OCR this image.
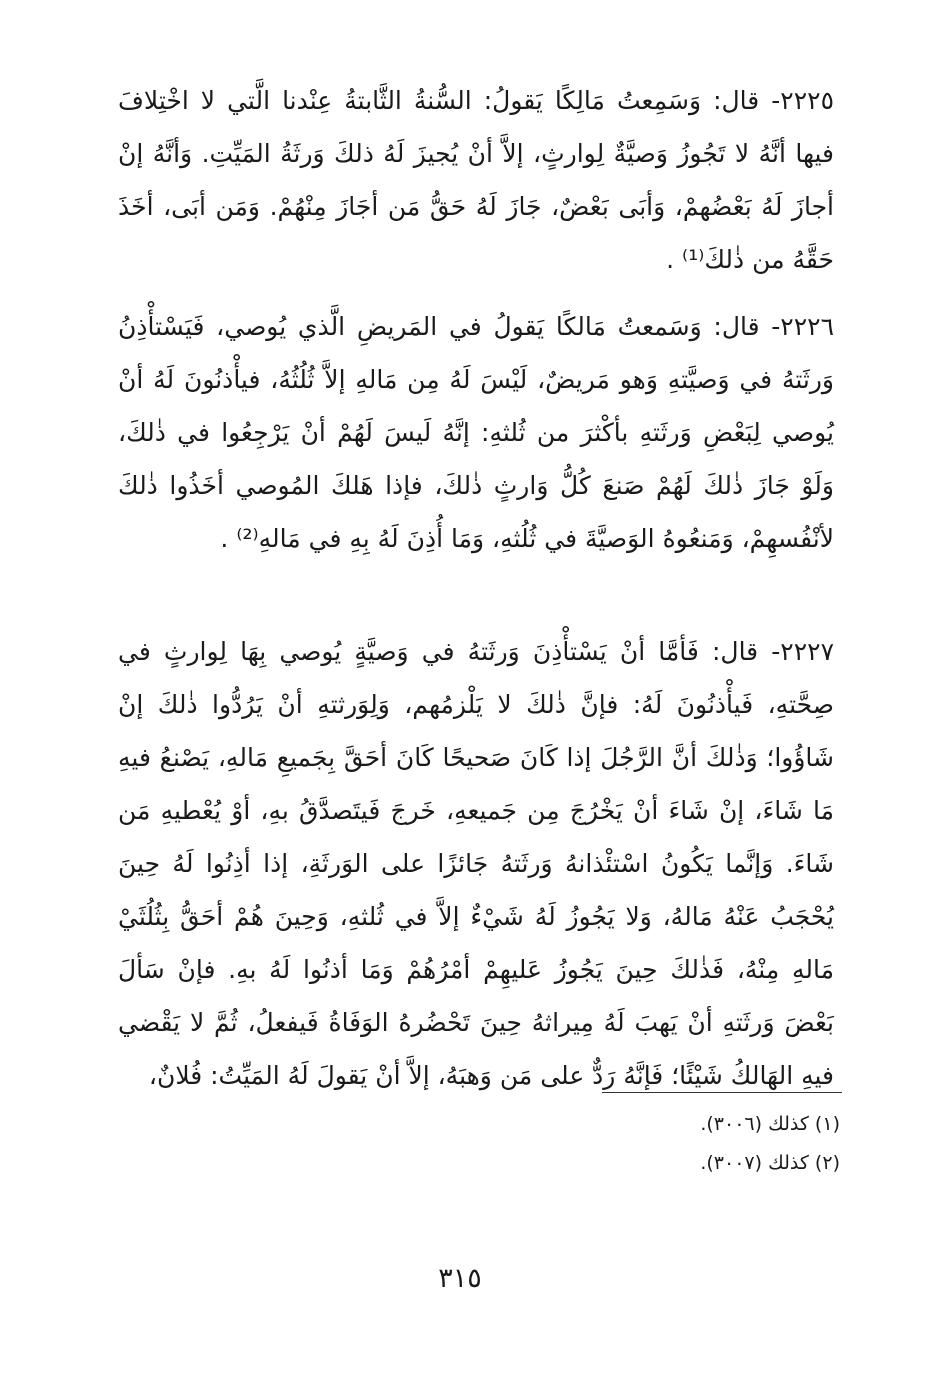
٢٢٢٥- قال: وَسَمِعتُ مَالِكًا يَقولُ: السُّنةُ الثَّابتةُ عِنْدنا الَّتي لا اخْتِلافَ فيها أنَّهُ لا تَجُوزُ وَصيَّةٌ لِوارثٍ، إلاَّ أنْ يُجيزَ لَهُ ذلكَ وَرثَةُ المَيِّتِ. وَأنَّهُ إنْ أجازَ لَهُ بَعْضُهمْ، وَأبَى بَعْضٌ، جَازَ لَهُ حَقُّ مَن أجَازَ مِنْهُمْ. وَمَن أبَى، أخَذَ حَقَّهُ من ذٰلكَ⁽¹⁾ .

٢٢٢٦- قال: وَسَمعتُ مَالكًا يَقولُ في المَريضِ الَّذي يُوصي، فَيَسْتأْذِنُ وَرثَتهُ في وَصيَّتهِ وَهو مَريضٌ، لَيْسَ لَهُ مِن مَالهِ إلاَّ ثُلُثُهُ، فيأْذنُونَ لَهُ أنْ يُوصي لِبَعْضِ وَرثَتهِ بأكْثرَ من ثُلثهِ: إنَّهُ لَيسَ لَهُمْ أنْ يَرْجِعُوا في ذٰلكَ، وَلَوْ جَازَ ذٰلكَ لَهُمْ صَنعَ كُلُّ وَارثٍ ذٰلكَ، فإذا هَلكَ المُوصي أخَذُوا ذٰلكَ لأنْفُسهِمْ، وَمَنعُوهُ الوَصيَّةَ في ثُلُثهِ، وَمَا أُذِنَ لَهُ بِهِ في مَالهِ⁽²⁾ .

٢٢٢٧- قال: فَأمَّا أنْ يَسْتأْذِنَ وَرثَتهُ في وَصيَّةٍ يُوصي بِهَا لِوارثٍ في صِحَّتهِ، فَيأْذنُونَ لَهُ: فإنَّ ذٰلكَ لا يَلْزمُهم، وَلِوَرثتهِ أنْ يَرُدُّوا ذٰلكَ إنْ شَاؤُوا؛ وَذٰلكَ أنَّ الرَّجُلَ إذا كَانَ صَحيحًا كَانَ أحَقَّ بِجَميعِ مَالهِ، يَصْنعُ فيهِ مَا شَاءَ، إنْ شَاءَ أنْ يَخْرُجَ مِن جَميعهِ، خَرجَ فَيتَصدَّقُ بهِ، أوْ يُعْطيهِ مَن شَاءَ. وَإنَّما يَكُونُ اسْتئْذانهُ وَرثَتهُ جَائزًا على الوَرثَةِ، إذا أذِنُوا لَهُ حِينَ يُحْجَبُ عَنْهُ مَالهُ، وَلا يَجُوزُ لَهُ شَيْءٌ إلاَّ في ثُلثهِ، وَحِينَ هُمْ أحَقُّ بِثُلُثَيْ مَالهِ مِنْهُ، فَذٰلكَ حِينَ يَجُوزُ عَليهِمْ أمْرُهُمْ وَمَا أذنُوا لَهُ بهِ. فإنْ سَألَ بَعْضَ وَرثَتهِ أنْ يَهبَ لَهُ مِيراثهُ حِينَ تَحْضُرهُ الوَفَاةُ فَيفعلُ، ثُمَّ لا يَقْضي فيهِ الهَالكُ شَيْئًا؛ فَإنَّهُ رَدٌّ على مَن وَهبَهُ، إلاَّ أنْ يَقولَ لَهُ المَيِّتُ: فُلانٌ،

(١) كذلك (٣٠٠٦).

(٢) كذلك (٣٠٠٧).

٣١٥
